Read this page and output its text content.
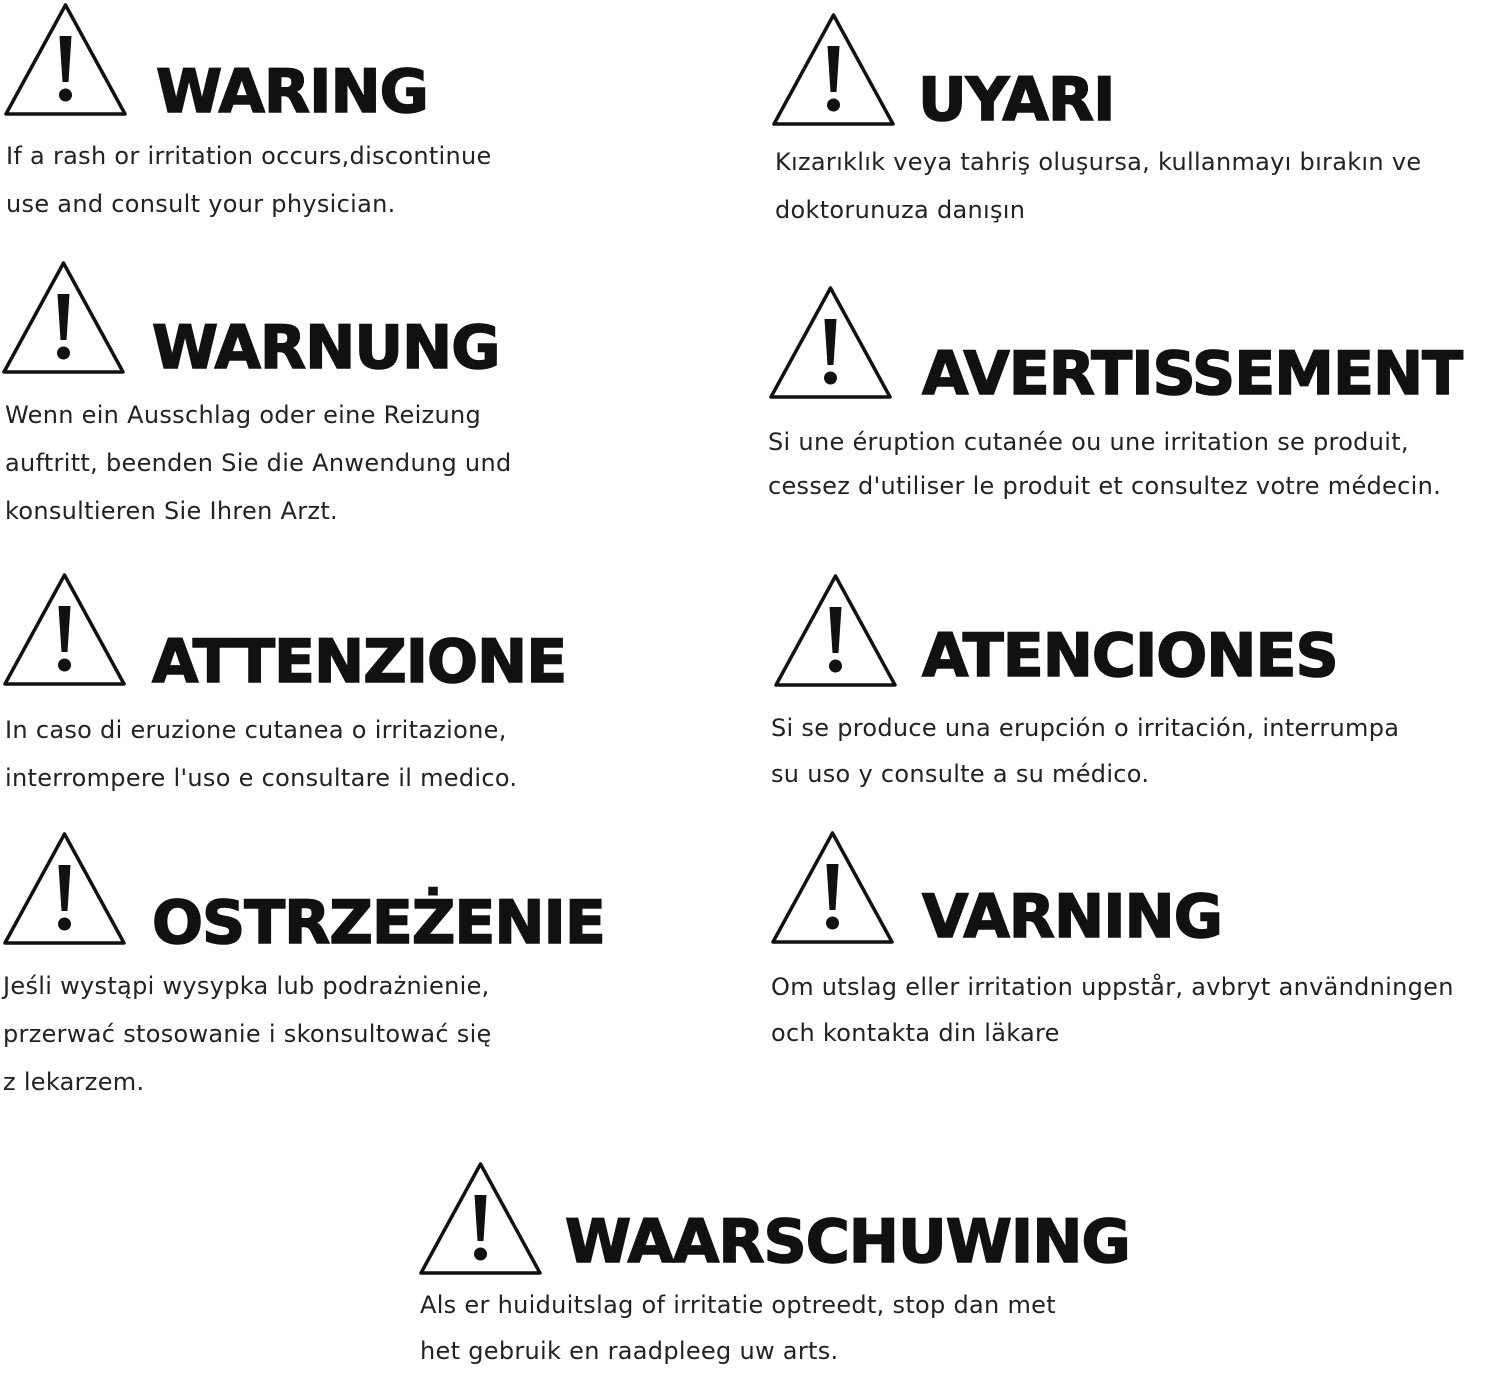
WARING
If a rash or irritation occurs,discontinue
use and consult your physician.
UYARI
Kızarıklık veya tahriş oluşursa, kullanmayı bırakın ve
doktorunuza danışın
WARNUNG
Wenn ein Ausschlag oder eine Reizung
auftritt, beenden Sie die Anwendung und
konsultieren Sie Ihren Arzt.
AVERTISSEMENT
Si une éruption cutanée ou une irritation se produit,
cessez d'utiliser le produit et consultez votre médecin.
ATTENZIONE
In caso di eruzione cutanea o irritazione,
interrompere l'uso e consultare il medico.
ATENCIONES
Si se produce una erupción o irritación, interrumpa
su uso y consulte a su médico.
OSTRZEŻENIE
Jeśli wystąpi wysypka lub podrażnienie,
przerwać stosowanie i skonsultować się
z lekarzem.
VARNING
Om utslag eller irritation uppstår, avbryt användningen
och kontakta din läkare
WAARSCHUWING
Als er huiduitslag of irritatie optreedt, stop dan met
het gebruik en raadpleeg uw arts.
